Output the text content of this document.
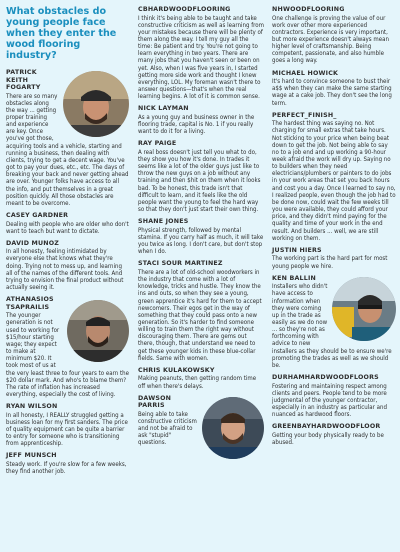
What obstacles do young people face when they enter the wood flooring industry?
PATRICK KEITH FOGARTY
There are so many obstacles along the way ... getting proper training and experience are key. Once you've got those, acquiring tools and a vehicle, starting and running a business, then dealing with clients, trying to get a decent wage. You've got to pay your dues, etc., etc. The days of breaking your back and never getting ahead are over. Younger folks have access to all the info, and put themselves in a great position quickly. All those obstacles are meant to be overcome.
CASEY GARDNER
Dealing with people who are older who don't want to teach but want to dictate.
DAVID MUNOZ
In all honesty, feeling intimidated by everyone else that knows what they're doing. Trying not to mess up, and learning all of the names of the different tools. And trying to envision the final product without actually seeing it.
ATHANASIOS TSAPRAILIS
The younger generation is not used to working for $15/hour starting wage; they expect to make at minimum $20. It took most of us at the very least three to four years to earn the $20 dollar mark. And who's to blame them? The rate of inflation has increased everything, especially the cost of living.
RYAN WILSON
In all honesty, I REALLY struggled getting a business loan for my first sanders. The price of quality equipment can be quite a barrier to entry for someone who is transitioning from apprenticeship.
JEFF MUNSCH
Steady work. If you're slow for a few weeks, they find another job.
CBHARDWOODFLOORING
I think it's being able to be taught and take constructive criticism as well as learning from your mistakes because there will be plenty of them along the way. I tell my guy all the time: Be patient and try. You're not going to learn everything in two years. There are many jobs that you haven't seen or been on yet. Also, when I was five years in, I started getting more side work and thought I knew everything, LOL. My foreman wasn't there to answer questions—that's when the real learning begins. A lot of it is common sense.
NICK LAYMAN
As a young guy and business owner in the flooring trade, capital is No. 1 if you really want to do it for a living.
RAY PAIGE
A real boss doesn't just tell you what to do, they show you how it's done. In trades it seems like a lot of the older guys just like to throw the new guys on a job without any training and then $hit on them when it looks bad. To be honest, this trade isn't that difficult to learn, and it feels like the old people want the young to feel the hard way so that they don't just start their own thing.
SHANE JONES
Physical strength, followed by mental stamina. If you carry half as much, it will take you twice as long. I don't care, but don't stop when I do.
STACI SOUR MARTINEZ
There are a lot of old-school woodworkers in the industry that come with a lot of knowledge, tricks and hustle. They know the ins and outs, so when they see a young, green apprentice it's hard for them to accept newcomers. Their egos get in the way of something that they could pass onto a new generation. So it's harder to find someone willing to train them the right way without discouraging them. There are gems out there, though, that understand we need to get these younger kids in these blue-collar fields. Same with women.
CHRIS KULAKOWSKY
Making peanuts, then getting random time off when there's delays.
DAWSON PARRIS
Being able to take constructive criticism and not be afraid to ask "stupid" questions.
NHWOODFLOORING
One challenge is proving the value of our work over other more experienced contractors. Experience is very important, but more experience doesn't always mean higher level of craftsmanship. Being competent, passionate, and also humble goes a long way.
MICHAEL HOWICK
It's hard to convince someone to bust their a$$ when they can make the same starting wage at a cake job. They don't see the long term.
PERFECT_FINISH_
The hardest thing was saying no. Not charging for small extras that take hours. Not sticking to your price when being beat down to get the job. Not being able to say no to a job end and up working a 90-hour week afraid the work will dry up. Saying no to builders when they need electricians/plumbers or painters to do jobs in your work areas that set you back hours and cost you a day. Once I learned to say no, I realized people, even though the job had to be done now, could wait the few weeks till you were available, they could afford your price, and they didn't mind paying for the quality and time of your work in the end result. And builders ... well, we are still working on them.
JUSTIN HIERS
The working part is the hard part for most young people we hire.
KEN BALLIN
Installers who didn't have access to information when they were coming up in the trade as easily as we do now ... so they're not as forthcoming with advice to new installers as they should be to ensure we're promoting the trades as well as we should be.
DURHAMHARDWOODFLOORS
Fostering and maintaining respect among clients and peers. People tend to be more judgmental of the younger contractor, especially in an industry as particular and nuanced as hardwood floors.
GREENBAYHARDWOODFLOOR
Getting your body physically ready to be abused.
